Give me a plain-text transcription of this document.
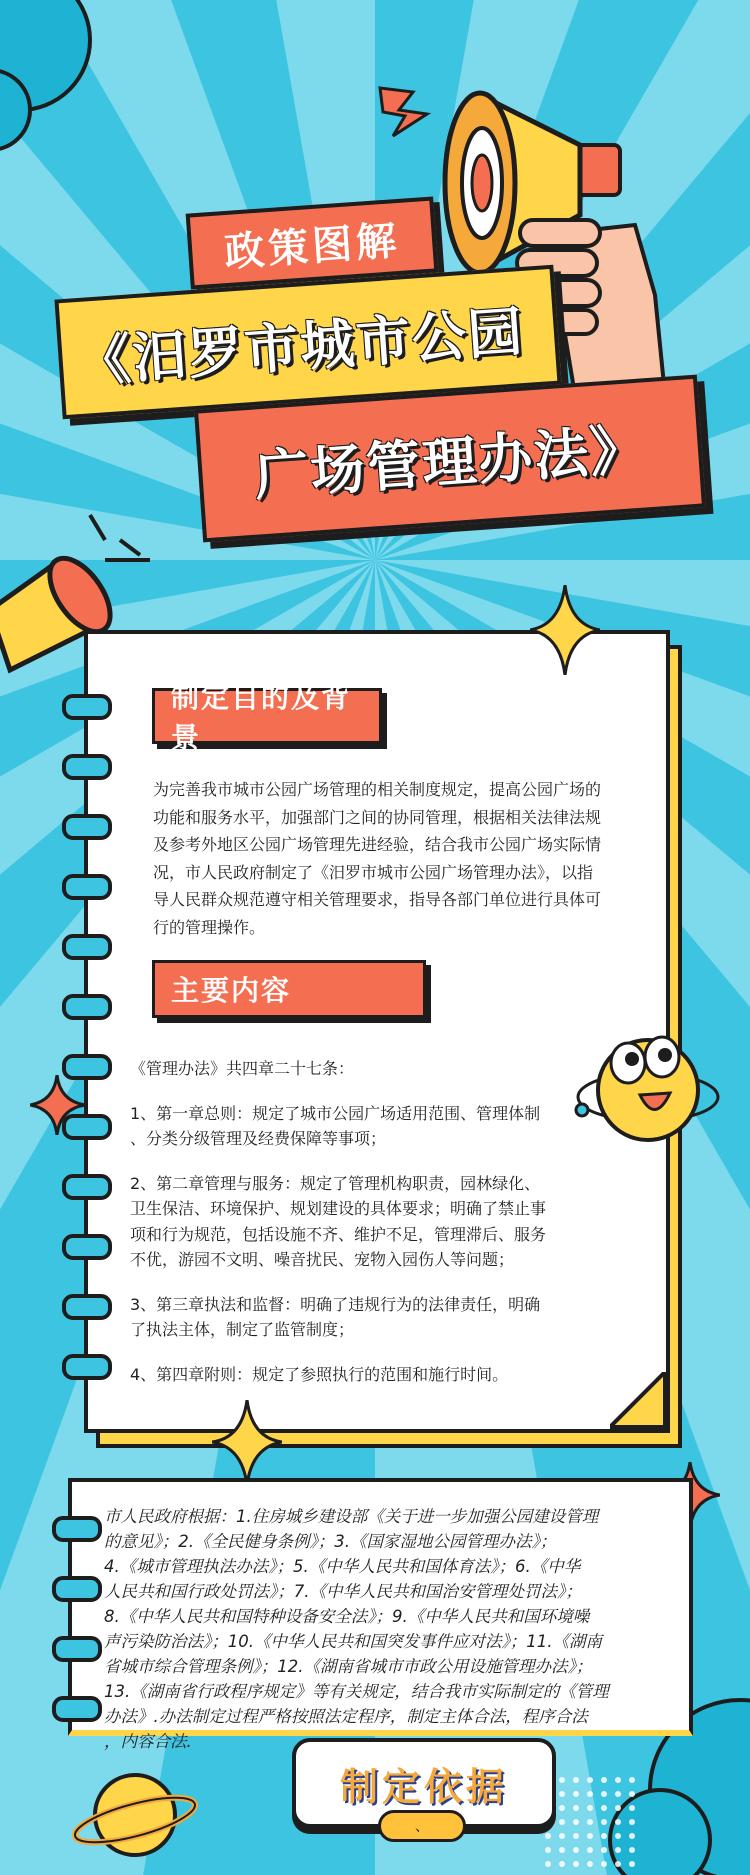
政策图解
《汨罗市城市公园
广场管理办法》
制定目的及背景

为完善我市城市公园广场管理的相关制度规定，提高公园广场的

功能和服务水平，加强部门之间的协同管理，根据相关法律法规

及参考外地区公园广场管理先进经验，结合我市公园广场实际情

况，市人民政府制定了《汨罗市城市公园广场管理办法》，以指

导人民群众规范遵守相关管理要求，指导各部门单位进行具体可

行的管理操作。

主要内容

《管理办法》共四章二十七条：

1、第一章总则：规定了城市公园广场适用范围、管理体制

、分类分级管理及经费保障等事项；

2、第二章管理与服务：规定了管理机构职责，园林绿化、

卫生保洁、环境保护、规划建设的具体要求；明确了禁止事

项和行为规范，包括设施不齐、维护不足，管理滞后、服务

不优，游园不文明、噪音扰民、宠物入园伤人等问题；

3、第三章执法和监督：明确了违规行为的法律责任，明确

了执法主体，制定了监管制度；

4、第四章附则：规定了参照执行的范围和施行时间。

市人民政府根据：1.住房城乡建设部《关于进一步加强公园建设管理

的意见》；2.《全民健身条例》；3.《国家湿地公园管理办法》；

4.《城市管理执法办法》；5.《中华人民共和国体育法》；6.《中华

人民共和国行政处罚法》；7.《中华人民共和国治安管理处罚法》；

8.《中华人民共和国特种设备安全法》；9.《中华人民共和国环境噪

声污染防治法》；10.《中华人民共和国突发事件应对法》；11.《湖南

省城市综合管理条例》；12.《湖南省城市市政公用设施管理办法》；

13.《湖南省行政程序规定》等有关规定，结合我市实际制定的《管理

办法》.办法制定过程严格按照法定程序，制定主体合法，程序合法

，内容合法.

制定依据
、
